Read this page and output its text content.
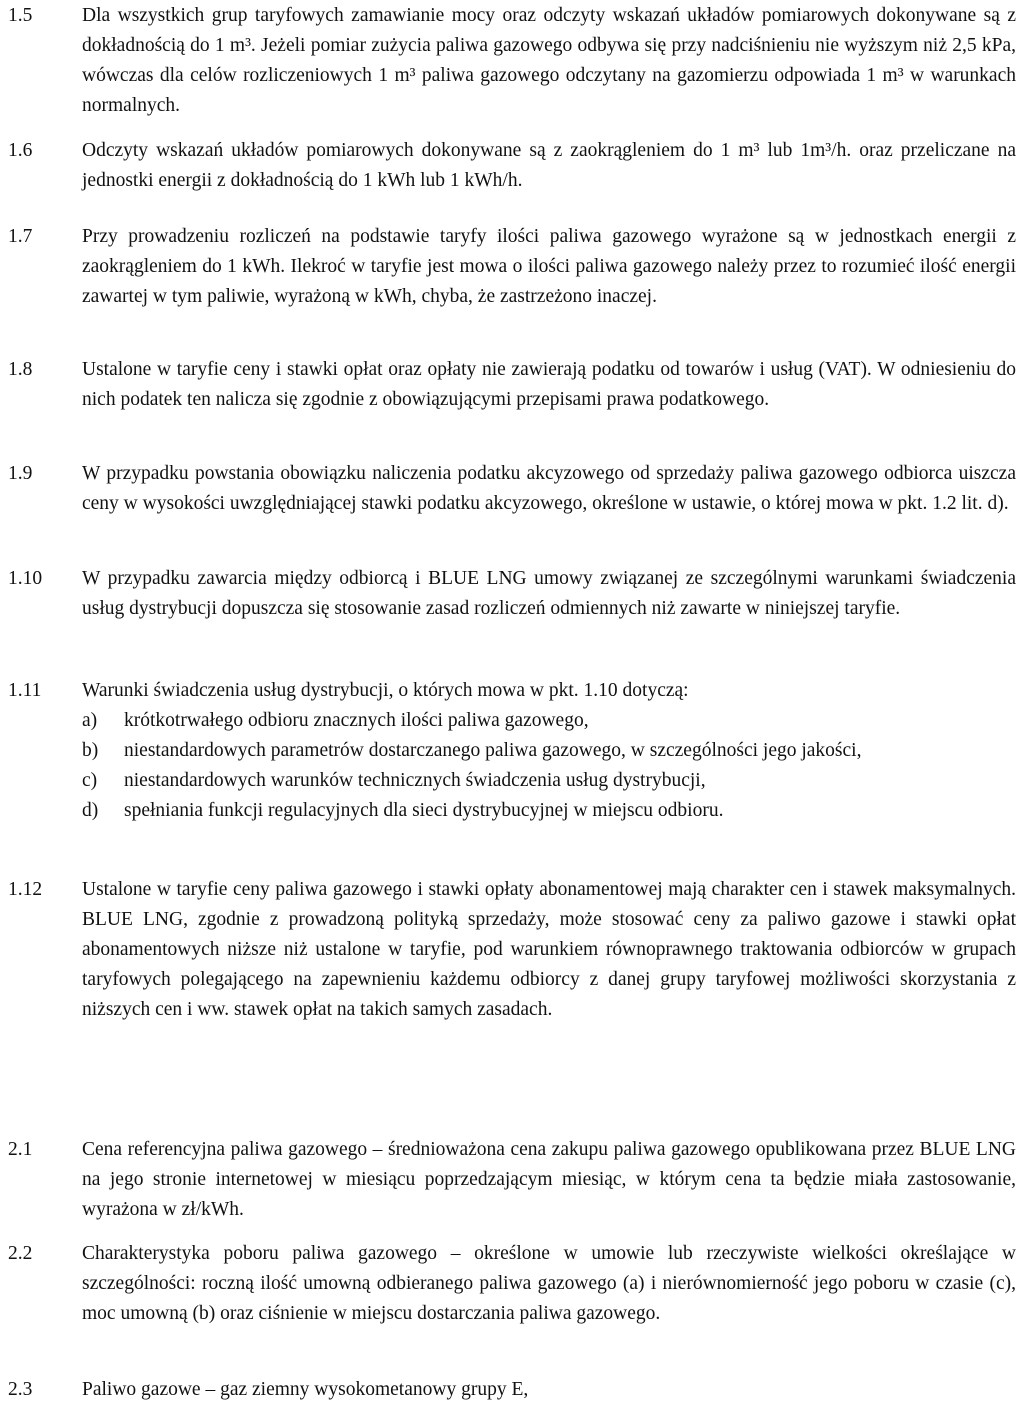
1.5	Dla wszystkich grup taryfowych zamawianie mocy oraz odczyty wskazań układów pomiarowych dokonywane są z dokładnością do 1 m³. Jeżeli pomiar zużycia paliwa gazowego odbywa się przy nadciśnieniu nie wyższym niż 2,5 kPa, wówczas dla celów rozliczeniowych 1 m³ paliwa gazowego odczytany na gazomierzu odpowiada 1 m³ w warunkach normalnych.
1.6	Odczyty wskazań układów pomiarowych dokonywane są z zaokrągleniem do 1 m³ lub 1m³/h. oraz przeliczane na jednostki energii z dokładnością do 1 kWh lub 1 kWh/h.
1.7	Przy prowadzeniu rozliczeń na podstawie taryfy ilości paliwa gazowego wyrażone są w jednostkach energii z zaokrągleniem do 1 kWh. Ilekroć w taryfie jest mowa o ilości paliwa gazowego należy przez to rozumieć ilość energii zawartej w tym paliwie, wyrażoną w kWh, chyba, że zastrzeżono inaczej.
1.8	Ustalone w taryfie ceny i stawki opłat oraz opłaty nie zawierają podatku od towarów i usług (VAT). W odniesieniu do nich podatek ten nalicza się zgodnie z obowiązującymi przepisami prawa podatkowego.
1.9	W przypadku powstania obowiązku naliczenia podatku akcyzowego od sprzedaży paliwa gazowego odbiorca uiszcza ceny w wysokości uwzględniającej stawki podatku akcyzowego, określone w ustawie, o której mowa w pkt. 1.2 lit. d).
1.10	W przypadku zawarcia między odbiorcą i BLUE LNG umowy związanej ze szczególnymi warunkami świadczenia usług dystrybucji dopuszcza się stosowanie zasad rozliczeń odmiennych niż zawarte w niniejszej taryfie.
1.11	Warunki świadczenia usług dystrybucji, o których mowa w pkt. 1.10 dotyczą:
a) krótkotrwałego odbioru znacznych ilości paliwa gazowego,
b) niestandardowych parametrów dostarczanego paliwa gazowego, w szczególności jego jakości,
c) niestandardowych warunków technicznych świadczenia usług dystrybucji,
d) spełniania funkcji regulacyjnych dla sieci dystrybucyjnej w miejscu odbioru.
1.12	Ustalone w taryfie ceny paliwa gazowego i stawki opłaty abonamentowej mają charakter cen i stawek maksymalnych. BLUE LNG, zgodnie z prowadzoną polityką sprzedaży, może stosować ceny za paliwo gazowe i stawki opłat abonamentowych niższe niż ustalone w taryfie, pod warunkiem równoprawnego traktowania odbiorców w grupach taryfowych polegającego na zapewnieniu każdemu odbiorcy z danej grupy taryfowej możliwości skorzystania z niższych cen i ww. stawek opłat na takich samych zasadach.
2.1	Cena referencyjna paliwa gazowego – średnioważona cena zakupu paliwa gazowego opublikowana przez BLUE LNG na jego stronie internetowej w miesiącu poprzedzającym miesiąc, w którym cena ta będzie miała zastosowanie, wyrażona w zł/kWh.
2.2	Charakterystyka poboru paliwa gazowego – określone w umowie lub rzeczywiste wielkości określające w szczególności: roczną ilość umowną odbieranego paliwa gazowego (a) i nierównomierność jego poboru w czasie (c), moc umowną (b) oraz ciśnienie w miejscu dostarczania paliwa gazowego.
2.3	Paliwo gazowe – gaz ziemny wysokometanowy grupy E,
